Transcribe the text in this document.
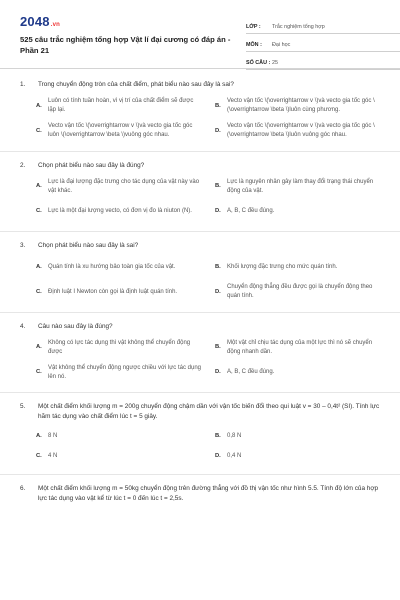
2048.vn
525 câu trắc nghiệm tổng hợp Vật lí đại cương có đáp án - Phần 21
LỚP :	Trắc nghiệm tổng hợp
MÔN :	Đại học
SỐ CÂU : 25
1.	Trong chuyển động tròn của chất điểm, phát biểu nào sau đây là sai?
A.
Luôn có tính tuần hoàn, vì vị trí của chất điểm sẽ được lặp lại.
B.
Vecto vận tốc \(\overrightarrow v \)và vecto gia tốc góc \(\overrightarrow \beta \)luôn cùng phương.
C.
Vecto vận tốc \(\overrightarrow v \)và vecto gia tốc góc luôn \(\overrightarrow \beta \)vuông góc nhau.
D.
Vecto vận tốc \(\overrightarrow v \)và vecto gia tốc góc \(\overrightarrow \beta \)luôn vuông góc nhau.
2.	Chọn phát biểu nào sau đây là đúng?
A.
Lực là đại lượng đặc trưng cho tác dụng của vật này vào vật khác.
B.
Lực là nguyên nhân gây làm thay đổi trạng thái chuyển động của vật.
C.	Lực là một đại lượng vecto, có đơn vị đo là niuton (N).	D.	A, B, C đều đúng.
3.	Chọn phát biểu nào sau đây là sai?
A.	Quán tính là xu hướng bảo toàn gia tốc của vật.	B.	Khối lượng đặc trưng cho mức quán tính.
C.	Định luật I Newton còn gọi là định luật quán tính.	D.
Chuyển động thẳng đều được gọi là chuyển động theo quán tính.
4.	Câu nào sau đây là đúng?
A.
Không có lực tác dụng thì vật không thể chuyển động được
B.
Một vật chỉ chịu tác dụng của một lực thì nó sẽ chuyển động nhanh dần.
C.
Vật không thể chuyển động ngược chiều với lực tác dụng lên nó.
D.	A, B, C đều đúng.
5.	Một chất điểm khối lượng m = 200g chuyển động chậm dần với vận tốc biến đổi theo qui luật v = 30 – 0,4t² (SI). Tính lực hãm tác dụng vào chất điểm lúc t = 5 giây.
A.	8 N	B.	0,8 N
C.	4 N	D.	0,4 N
6.	Một chất điểm khối lượng m = 50kg chuyển động trên đường thẳng với đồ thị vận tốc như hình 5.5. Tính độ lớn của hợp lực tác dụng vào vật kể từ lúc t = 0 đến lúc t = 2,5s.
